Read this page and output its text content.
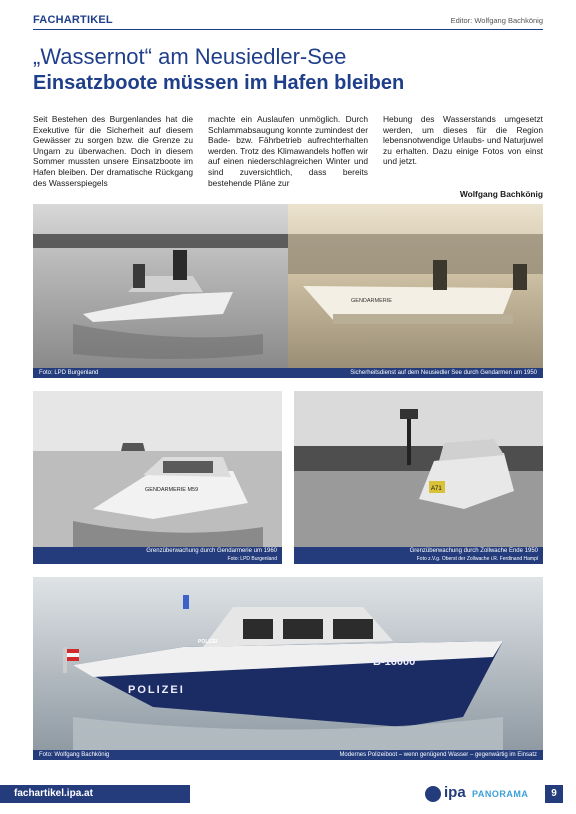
FACHARTIKEL	Editor: Wolfgang Bachkönig
„Wassernot“ am Neusiedler-See
Einsatzboote müssen im Hafen bleiben
Seit Bestehen des Burgenlandes hat die Exekutive für die Sicherheit auf diesem Gewässer zu sorgen bzw. die Grenze zu Ungarn zu überwachen. Doch in diesem Sommer mussten unsere Einsatzboote im Hafen bleiben. Der dramatische Rückgang des Wasserspiegels
machte ein Auslaufen unmöglich. Durch Schlammabsaugung konnte zumindest der Bade- bzw. Fährbetrieb aufrechterhalten werden. Trotz des Klimawandels hoffen wir auf einen niederschlagreichen Winter und sind zuversichtlich, dass bereits bestehende Pläne zur
Hebung des Wasserstands umgesetzt werden, um dieses für die Region lebensnotwendige Urlaubs- und Naturjuwel zu erhalten. Dazu einige Fotos von einst und jetzt.
Wolfgang Bachkönig
GENDARMERIE
Foto: LPD Burgenland	Sicherheitsdienst auf dem Neusiedler See durch Gendarmen um 1950
GENDARMERIE M59
Grenzüberwachung durch Gendarmerie um 1960
Foto: LPD Burgenland
A71
Grenzüberwachung durch Zollwache Ende 1950
Foto z.V.g. Oberst der Zollwache i.R. Ferdinand Hampl
POLIZEI
B-16000
POLIZEI
Foto: Wolfgang Bachkönig	Modernes Polizeiboot – wenn genügend Wasser – gegenwärtig im Einsatz
fachartikel.ipa.at	ipa PANORAMA	9
